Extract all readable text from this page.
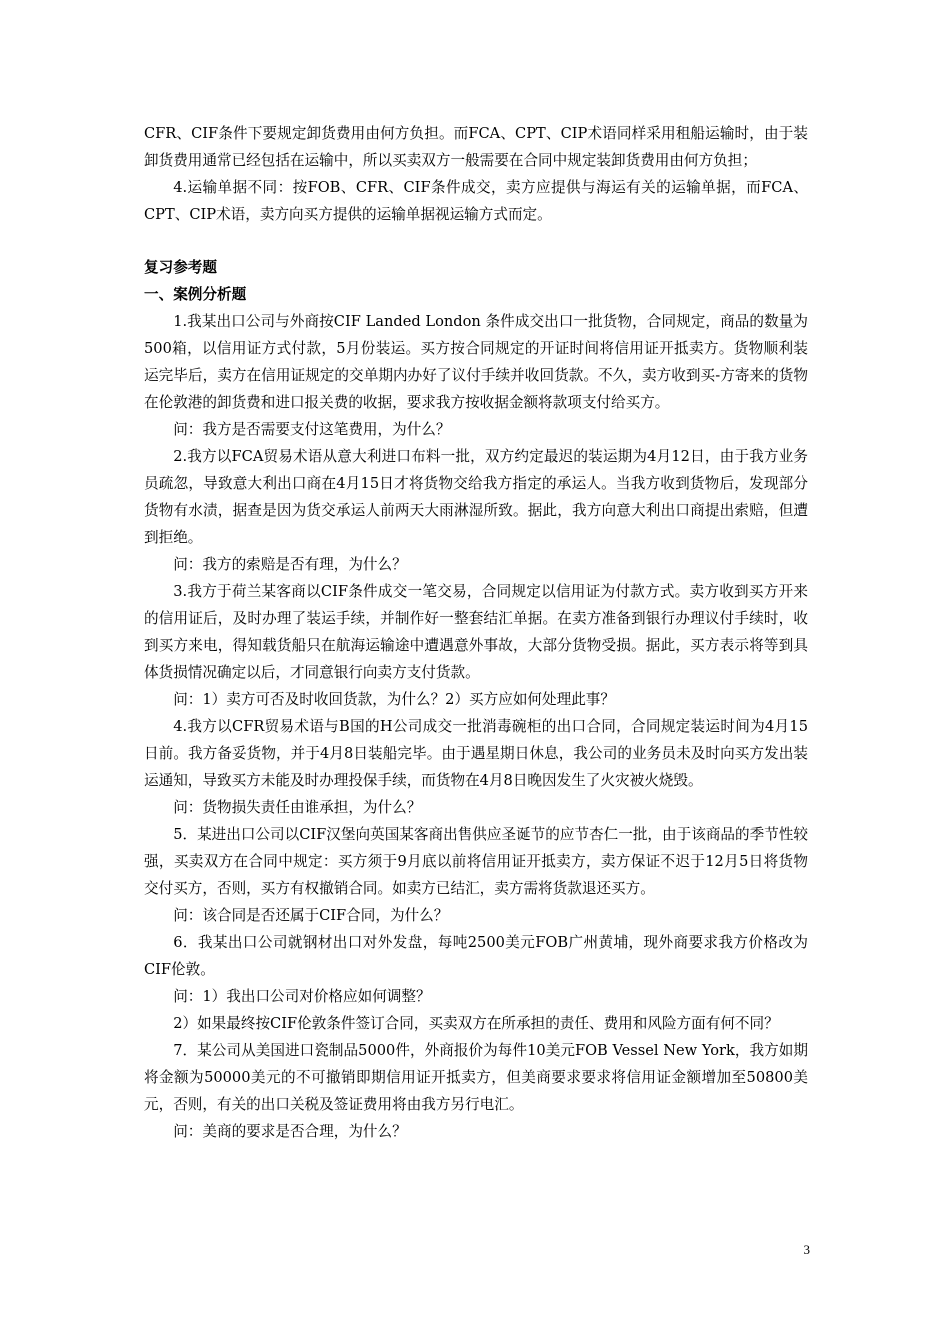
CFR、CIF条件下要规定卸货费用由何方负担。而FCA、CPT、CIP术语同样采用租船运输时，由于装卸货费用通常已经包括在运输中，所以买卖双方一般需要在合同中规定装卸货费用由何方负担；

4.运输单据不同：按FOB、CFR、CIF条件成交，卖方应提供与海运有关的运输单据，而FCA、CPT、CIP术语，卖方向买方提供的运输单据视运输方式而定。

复习参考题

一、案例分析题

1.我某出口公司与外商按CIF Landed London 条件成交出口一批货物，合同规定，商品的数量为500箱，以信用证方式付款，5月份装运。买方按合同规定的开证时间将信用证开抵卖方。货物顺利装运完毕后，卖方在信用证规定的交单期内办好了议付手续并收回货款。不久，卖方收到买-方寄来的货物在伦敦港的卸货费和进口报关费的收据，要求我方按收据金额将款项支付给买方。

问：我方是否需要支付这笔费用，为什么？

2.我方以FCA贸易术语从意大利进口布料一批，双方约定最迟的装运期为4月12日，由于我方业务员疏忽，导致意大利出口商在4月15日才将货物交给我方指定的承运人。当我方收到货物后，发现部分货物有水渍，据查是因为货交承运人前两天大雨淋湿所致。据此，我方向意大利出口商提出索赔，但遭到拒绝。

问：我方的索赔是否有理，为什么？

3.我方于荷兰某客商以CIF条件成交一笔交易，合同规定以信用证为付款方式。卖方收到买方开来的信用证后，及时办理了装运手续，并制作好一整套结汇单据。在卖方准备到银行办理议付手续时，收到买方来电，得知载货船只在航海运输途中遭遇意外事故，大部分货物受损。据此，买方表示将等到具体货损情况确定以后，才同意银行向卖方支付货款。

问：1）卖方可否及时收回货款，为什么？2）买方应如何处理此事？

4.我方以CFR贸易术语与B国的H公司成交一批消毒碗柜的出口合同，合同规定装运时间为4月15日前。我方备妥货物，并于4月8日装船完毕。由于遇星期日休息，我公司的业务员未及时向买方发出装运通知，导致买方未能及时办理投保手续，而货物在4月8日晚因发生了火灾被火烧毁。

问：货物损失责任由谁承担，为什么？

5．某进出口公司以CIF汉堡向英国某客商出售供应圣诞节的应节杏仁一批，由于该商品的季节性较强，买卖双方在合同中规定：买方须于9月底以前将信用证开抵卖方，卖方保证不迟于12月5日将货物交付买方，否则，买方有权撤销合同。如卖方已结汇，卖方需将货款退还买方。

问：该合同是否还属于CIF合同，为什么？

6．我某出口公司就钢材出口对外发盘，每吨2500美元FOB广州黄埔，现外商要求我方价格改为CIF伦敦。

问：1）我出口公司对价格应如何调整？

2）如果最终按CIF伦敦条件签订合同，买卖双方在所承担的责任、费用和风险方面有何不同？

7．某公司从美国进口瓷制品5000件，外商报价为每件10美元FOB Vessel New York，我方如期将金额为50000美元的不可撤销即期信用证开抵卖方，但美商要求要求将信用证金额增加至50800美元，否则，有关的出口关税及签证费用将由我方另行电汇。

问：美商的要求是否合理，为什么？

3
